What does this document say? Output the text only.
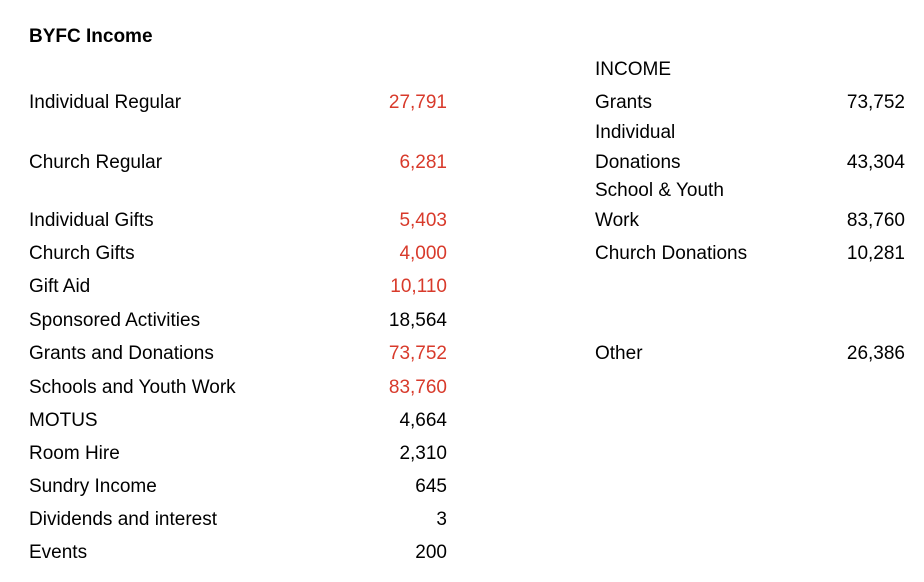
BYFC Income
Individual Regular	27,791
Church Regular	6,281
Individual Gifts	5,403
Church Gifts	4,000
Gift Aid	10,110
Sponsored Activities	18,564
Grants and Donations	73,752
Schools and Youth Work	83,760
MOTUS	4,664
Room Hire	2,310
Sundry Income	645
Dividends and interest	3
Events	200
INCOME
Grants	73,752
Individual Donations	43,304
School & Youth Work	83,760
Church Donations	10,281
Other	26,386
